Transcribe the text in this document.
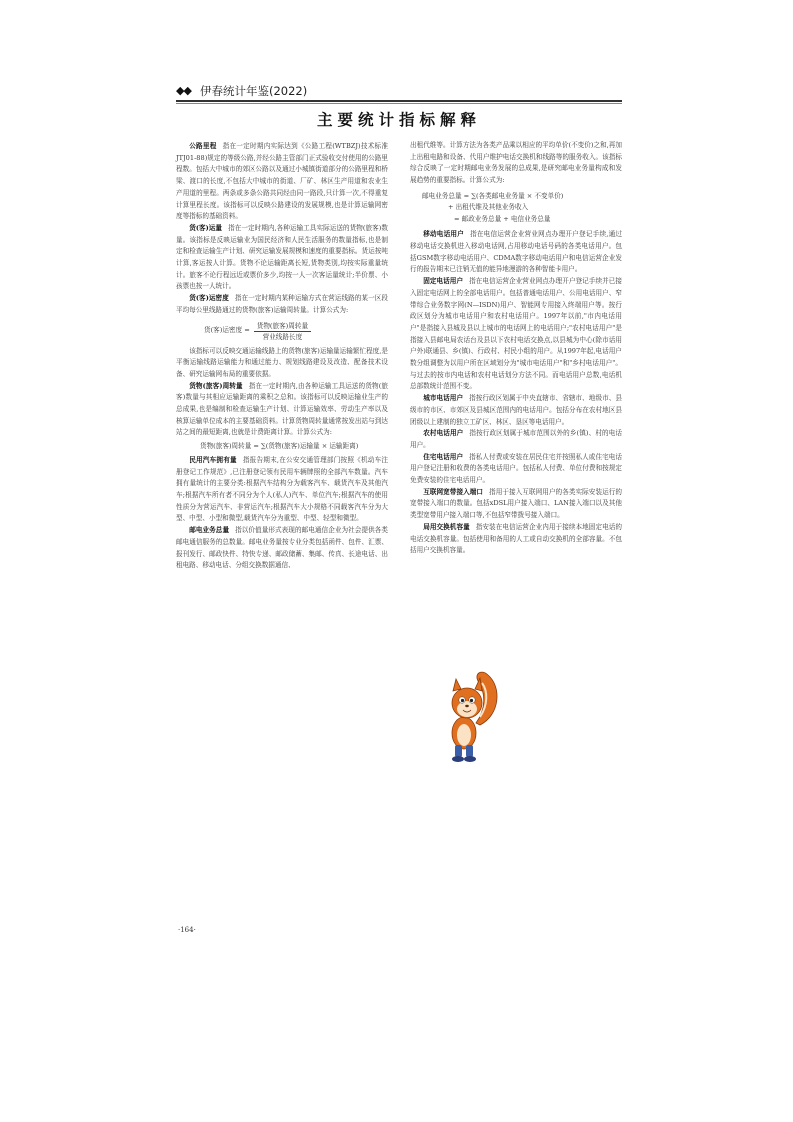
◆◆ 伊春统计年鉴(2022)
主要统计指标解释

公路里程 指在一定时期内实际达到《公路工程(WTBZJ)技术标准JTJ01-88)规定的等级公路,并经公路主管部门正式验收交付使用的公路里程数。包括大中城市的郊区公路以及通过小城镇街道部分的公路里程和桥梁、渡口的长度,不包括大中城市的街道、厂矿、林区生产用道和农业生产用道的里程。两条或多条公路共同经由同一路段,只计算一次,不得重复计算里程长度。该指标可以反映公路建设的发展规模,也是计算运输网密度等指标的基础资料。

货(客)运量 指在一定时期内,各种运输工具实际运送的货物(旅客)数量。该指标是反映运输业为国民经济和人民生活服务的数量指标,也是制定和检查运输生产计划、研究运输发展规模和速度的重要指标。货运按吨计算,客运按人计算。货物不论运输距离长短,货物类别,均按实际重量统计。旅客不论行程远近或票价多少,均按一人一次客运量统计;半价票、小孩票也按一人统计。

货(客)运密度 指在一定时期内某种运输方式在营运线路的某一区段平均每公里线路通过的货物(旅客)运输周转量。计算公式为:

货(客)运密度 = $\frac{\text{货物(旅客)周转量}}{\text{营业线路长度}}$

该指标可以反映交通运输线路上的货物(旅客)运输量运输繁忙程度,是平衡运输线路运输能力和通过能力、规划线路建设及改造、配备技术设备、研究运输网布局的重要依据。

货物(旅客)周转量 指在一定时期内,由各种运输工具运送的货物(旅客)数量与其相应运输距离的乘积之总和。该指标可以反映运输业生产的总成果,也是编制和检查运输生产计划、计算运输效率、劳动生产率以及核算运输单位成本的主要基础资料。计算货物周转量通常按发出站与到达站之间的最短距离,也就是计费距离计算。计算公式为:

货物(旅客)周转量 = ∑(货物(旅客)运输量 × 运输距离)

民用汽车拥有量 指报告期末,在公安交通管理部门按照《机动车注册登记工作规范》,已注册登记领有民用车辆牌照的全部汽车数量。汽车拥有量统计的主要分类:根据汽车结构分为载客汽车、载货汽车及其他汽车;根据汽车所有者不同分为个人(私人)汽车、单位汽车;根据汽车的使用性质分为营运汽车、非营运汽车;根据汽车大小规格不同载客汽车分为大型、中型、小型和微型,载货汽车分为重型、中型、轻型和微型。

邮电业务总量 指以价值量形式表现的邮电通信企业为社会提供各类邮电通信服务的总数量。邮电业务量按专业分类包括函件、包件、汇票、报刊发行、邮政快件、特快专递、邮政储蓄、集邮、传真、长途电话、出租电路、移动电话、分组交换数据通信、

出租代维等。计算方法为各类产品乘以相应的平均单价(不变价)之和,再加上出租电路和设备、代用户维护电话交换机和线路等的服务收入。该指标综合反映了一定时期邮电业务发展的总成果,是研究邮电业务量构成和发展趋势的重要指标。计算公式为:

邮电业务总量 = ∑(各类邮电业务量 × 不变单价)
+ 出租代维及其他业务收入
= 邮政业务总量 + 电信业务总量

移动电话用户 指在电信运营企业营业网点办理开户登记手续,通过移动电话交换机进入移动电话网,占用移动电话号码的各类电话用户。包括GSM数字移动电话用户、CDMA数字移动电话用户和电信运营企业发行的报告期末已注销无值的能异地漫游的各种智能卡用户。

固定电话用户 指在电信运营企业营业网点办理开户登记手续并已接入固定电话网上的全部电话用户。包括普通电话用户、公用电话用户、窄带综合业务数字网(N—ISDN)用户、智能网专用接入终端用户等。按行政区划分为城市电话用户和农村电话用户。1997年以前,"市内电话用户"是指接入县城及县以上城市的电话网上的电话用户;"农村电话用户"是指接入县邮电局农话台及县以下农村电话交换点,以县城为中心(除市话用户外)联通县、乡(镇)、行政村、村民小组的用户。从1997年起,电话用户数分组调整为以用户所在区域划分为"城市电话用户"和"乡村电话用户"。与过去的按市内电话和农村电话划分方法不同。而电话用户总数,电话机总部数统计范围不变。

城市电话用户 指按行政区划属于中央直辖市、省辖市、地级市、县级市的市区、市郊区及县城区范围内的电话用户。包括分布在农村地区县团级以上建制的独立工矿区、林区、垦区等电话用户。

农村电话用户 指按行政区划属于城市范围以外的乡(镇)、村的电话用户。

住宅电话用户 指私人付费或安装在居民住宅并按照私人或住宅电话用户登记注册和收费的各类电话用户。包括私人付费、单位付费和按规定免费安装的住宅电话用户。

互联网宽带接入端口 指用于接入互联网用户的各类实际安装运行的宽带接入端口的数量。包括xDSL用户接入端口、LAN接入端口以及其他类型宽带用户接入端口等,不包括窄带拨号接入端口。

局用交换机容量 指安装在电信运营企业内用于接续本地固定电话的电话交换机容量。包括使用和备用的人工或自动交换机的全部容量。不包括用户交换机容量。

·164·
